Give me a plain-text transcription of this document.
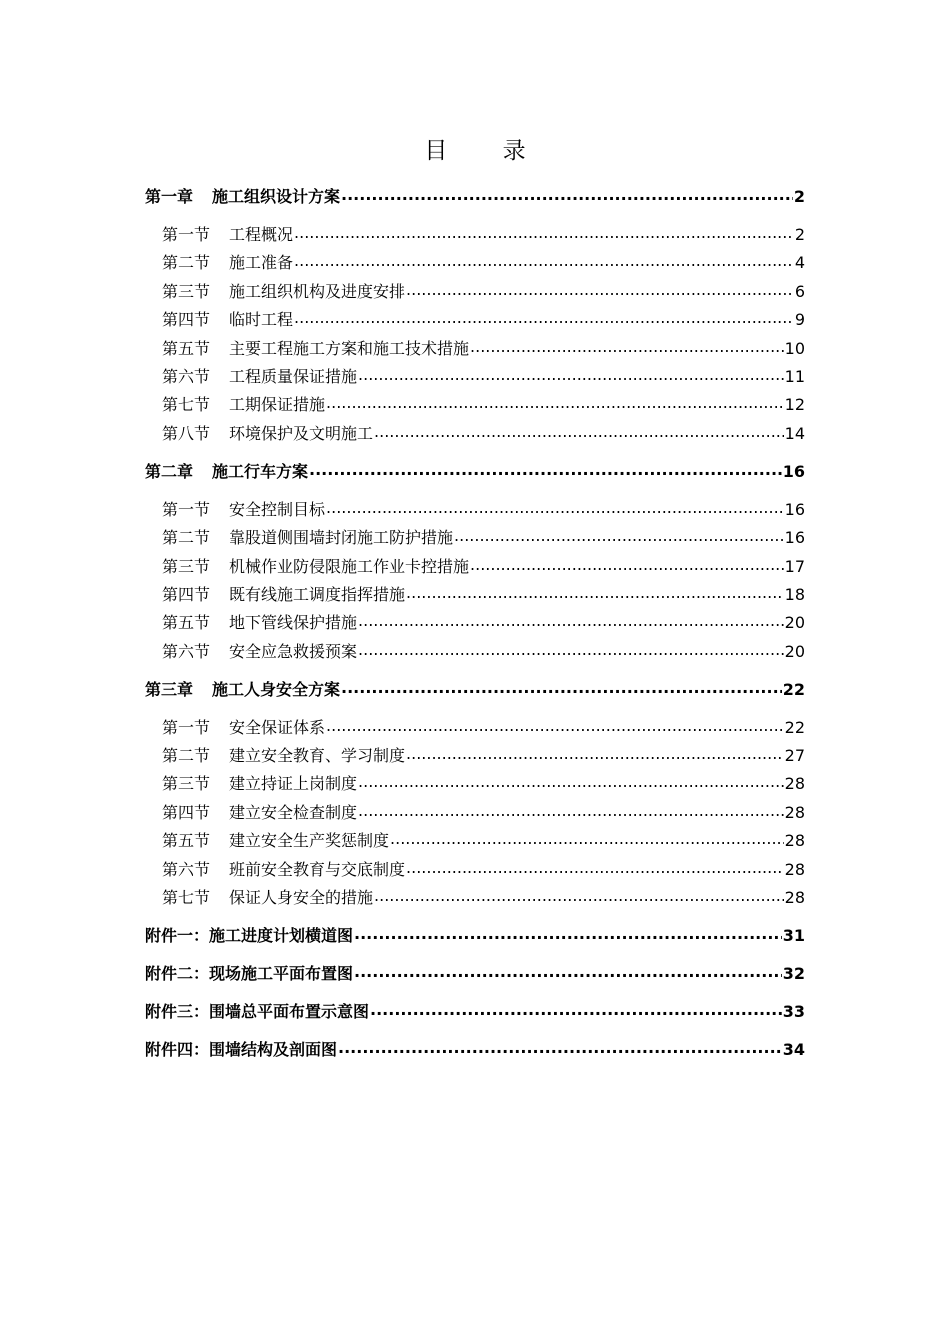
目 录
第一章 施工组织设计方案 .....	2
第一节 工程概况 .....	2
第二节 施工准备 .....	4
第三节 施工组织机构及进度安排 .....	6
第四节 临时工程 .....	9
第五节 主要工程施工方案和施工技术措施 .....	10
第六节 工程质量保证措施 .....	11
第七节 工期保证措施 .....	12
第八节 环境保护及文明施工 .....	14
第二章 施工行车方案 .....	16
第一节 安全控制目标 .....	16
第二节 靠股道侧围墙封闭施工防护措施 .....	16
第三节 机械作业防侵限施工作业卡控措施 .....	17
第四节 既有线施工调度指挥措施 .....	18
第五节 地下管线保护措施 .....	20
第六节 安全应急救援预案 .....	20
第三章 施工人身安全方案 .....	22
第一节 安全保证体系 .....	22
第二节 建立安全教育、学习制度 .....	27
第三节 建立持证上岗制度 .....	28
第四节 建立安全检查制度 .....	28
第五节 建立安全生产奖惩制度 .....	28
第六节 班前安全教育与交底制度 .....	28
第七节 保证人身安全的措施 .....	28
附件一：施工进度计划横道图 .....	31
附件二：现场施工平面布置图 .....	32
附件三：围墙总平面布置示意图 .....	33
附件四：围墙结构及剖面图 .....	34
